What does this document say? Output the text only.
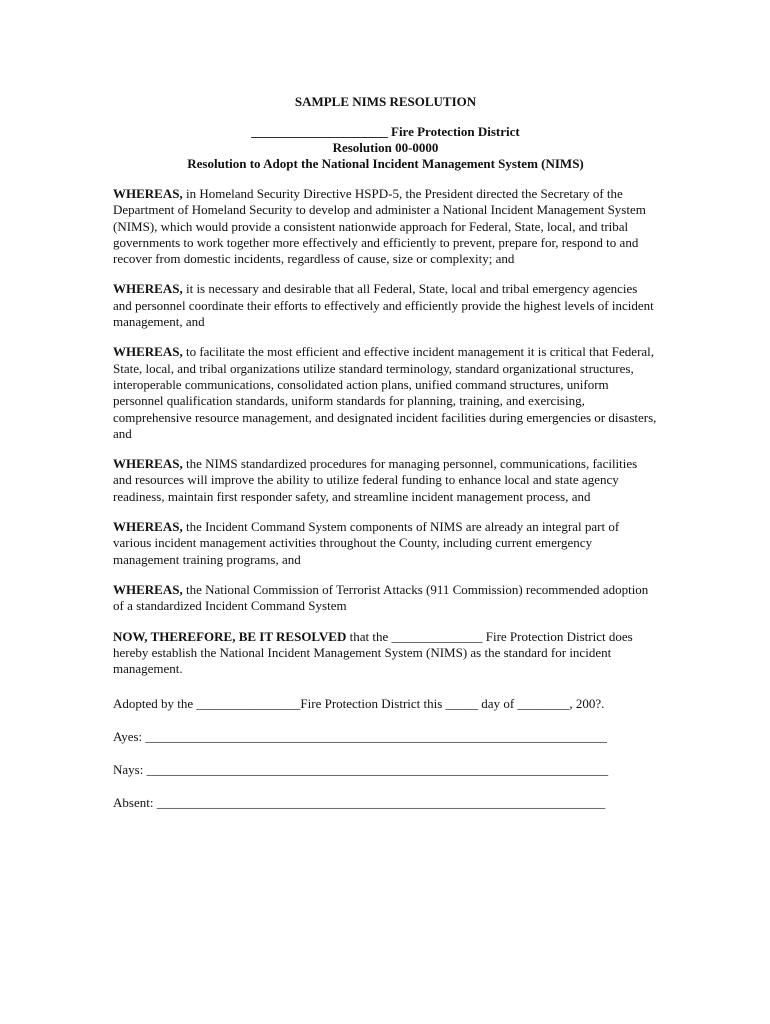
SAMPLE NIMS RESOLUTION
_____________________ Fire Protection District
Resolution 00-0000
Resolution to Adopt the National Incident Management System (NIMS)

WHEREAS, in Homeland Security Directive HSPD-5, the President directed the Secretary of the Department of Homeland Security to develop and administer a National Incident Management System (NIMS), which would provide a consistent nationwide approach for Federal, State, local, and tribal governments to work together more effectively and efficiently to prevent, prepare for, respond to and recover from domestic incidents, regardless of cause, size or complexity; and

WHEREAS, it is necessary and desirable that all Federal, State, local and tribal emergency agencies and personnel coordinate their efforts to effectively and efficiently provide the highest levels of incident management, and

WHEREAS, to facilitate the most efficient and effective incident management it is critical that Federal, State, local, and tribal organizations utilize standard terminology, standard organizational structures, interoperable communications, consolidated action plans, unified command structures, uniform personnel qualification standards, uniform standards for planning, training, and exercising, comprehensive resource management, and designated incident facilities during emergencies or disasters, and

WHEREAS, the NIMS standardized procedures for managing personnel, communications, facilities and resources will improve the ability to utilize federal funding to enhance local and state agency readiness, maintain first responder safety, and streamline incident management process, and

WHEREAS, the Incident Command System components of NIMS are already an integral part of various incident management activities throughout the County, including current emergency management training programs, and

WHEREAS, the National Commission of Terrorist Attacks (911 Commission) recommended adoption of a standardized Incident Command System

NOW, THEREFORE, BE IT RESOLVED that the ______________ Fire Protection District does hereby establish the National Incident Management System (NIMS) as the standard for incident management.

Adopted by the ________________Fire Protection District this _____ day of ________, 200?.
Ayes: _______________________________________________________________________
Nays: _______________________________________________________________________
Absent: _____________________________________________________________________
